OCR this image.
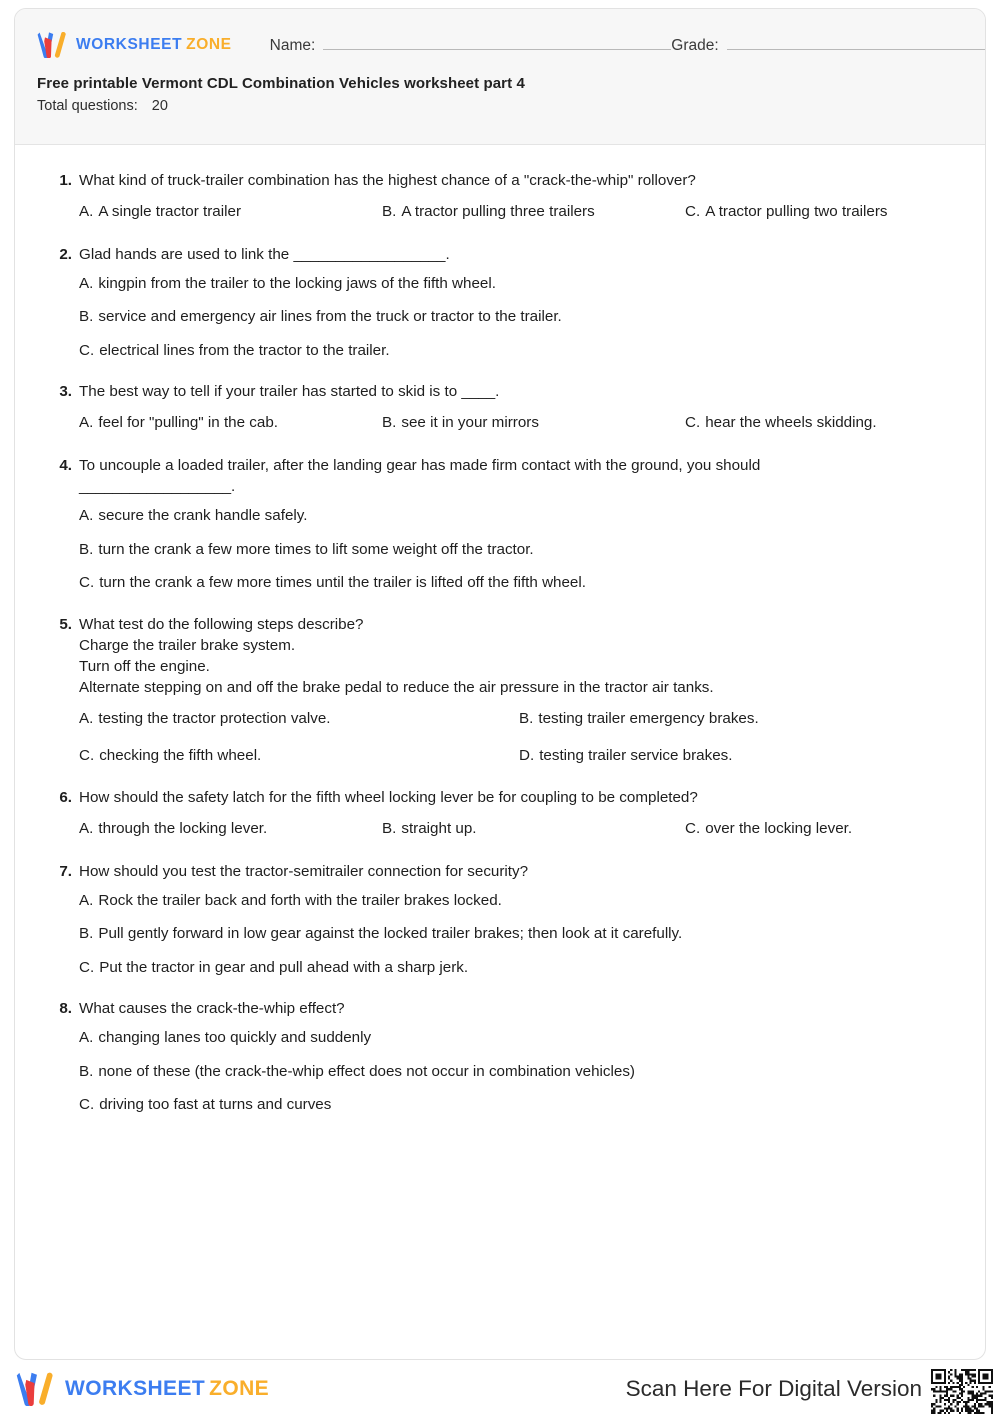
WORKSHEET ZONE Name:	Grade:
Free printable Vermont CDL Combination Vehicles worksheet part 4
Total questions: 20
1. What kind of truck-trailer combination has the highest chance of a "crack-the-whip" rollover?
A. A single tractor trailer	B. A tractor pulling three trailers	C. A tractor pulling two trailers
2. Glad hands are used to link the __________________.
A. kingpin from the trailer to the locking jaws of the fifth wheel.
B. service and emergency air lines from the truck or tractor to the trailer.
C. electrical lines from the tractor to the trailer.
3. The best way to tell if your trailer has started to skid is to ____.
A. feel for "pulling" in the cab.	B. see it in your mirrors	C. hear the wheels skidding.
4. To uncouple a loaded trailer, after the landing gear has made firm contact with the ground, you should
__________________.
A. secure the crank handle safely.
B. turn the crank a few more times to lift some weight off the tractor.
C. turn the crank a few more times until the trailer is lifted off the fifth wheel.
5. What test do the following steps describe?
Charge the trailer brake system.
Turn off the engine.
Alternate stepping on and off the brake pedal to reduce the air pressure in the tractor air tanks.
A. testing the tractor protection valve.	B. testing trailer emergency brakes.
C. checking the fifth wheel.	D. testing trailer service brakes.
6. How should the safety latch for the fifth wheel locking lever be for coupling to be completed?
A. through the locking lever.	B. straight up.	C. over the locking lever.
7. How should you test the tractor-semitrailer connection for security?
A. Rock the trailer back and forth with the trailer brakes locked.
B. Pull gently forward in low gear against the locked trailer brakes; then look at it carefully.
C. Put the tractor in gear and pull ahead with a sharp jerk.
8. What causes the crack-the-whip effect?
A. changing lanes too quickly and suddenly
B. none of these (the crack-the-whip effect does not occur in combination vehicles)
C. driving too fast at turns and curves
WORKSHEET ZONE	Scan Here For Digital Version
